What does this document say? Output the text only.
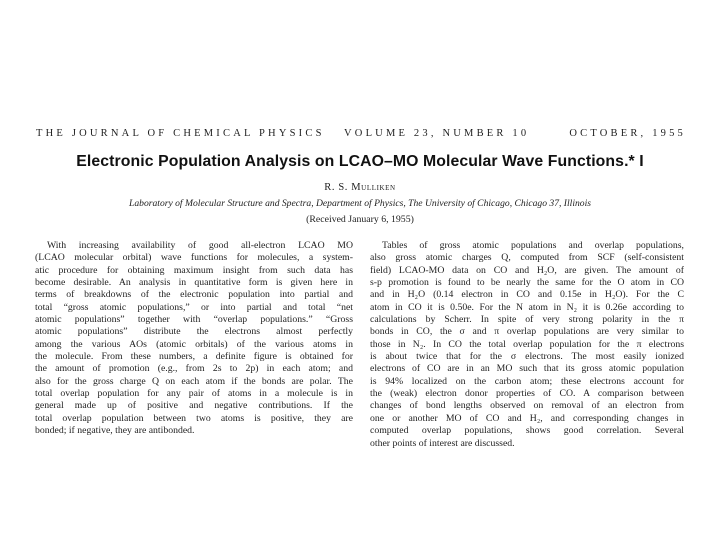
THE JOURNAL OF CHEMICAL PHYSICS VOLUME 23, NUMBER 10	OCTOBER, 1955
Electronic Population Analysis on LCAO–MO Molecular Wave Functions.* I
R. S. Mulliken
Laboratory of Molecular Structure and Spectra, Department of Physics, The University of Chicago, Chicago 37, Illinois
(Received January 6, 1955)
With increasing availability of good all-electron LCAO MO
(LCAO molecular orbital) wave functions for molecules, a system-
atic procedure for obtaining maximum insight from such data has
become desirable. An analysis in quantitative form is given here in
terms of breakdowns of the electronic population into partial and
total “gross atomic populations,” or into partial and total “net
atomic populations” together with “overlap populations.” “Gross
atomic populations” distribute the electrons almost perfectly
among the various AOs (atomic orbitals) of the various atoms in
the molecule. From these numbers, a definite figure is obtained for
the amount of promotion (e.g., from 2s to 2p) in each atom; and
also for the gross charge Q on each atom if the bonds are polar. The
total overlap population for any pair of atoms in a molecule is in
general made up of positive and negative contributions. If the
total overlap population between two atoms is positive, they are
bonded; if negative, they are antibonded.
Tables of gross atomic populations and overlap populations,
also gross atomic charges Q, computed from SCF (self-consistent
field) LCAO-MO data on CO and H₂O, are given. The amount of
s-p promotion is found to be nearly the same for the O atom in CO
and in H₂O (0.14 electron in CO and 0.15e in H₂O). For the C
atom in CO it is 0.50e. For the N atom in N₂ it is 0.26e according to
calculations by Scherr. In spite of very strong polarity in the π
bonds in CO, the σ and π overlap populations are very similar to
those in N₂. In CO the total overlap population for the π electrons
is about twice that for the σ electrons. The most easily ionized
electrons of CO are in an MO such that its gross atomic population
is 94% localized on the carbon atom; these electrons account for
the (weak) electron donor properties of CO. A comparison between
changes of bond lengths observed on removal of an electron from
one or another MO of CO and H₂, and corresponding changes in
computed overlap populations, shows good correlation. Several
other points of interest are discussed.
